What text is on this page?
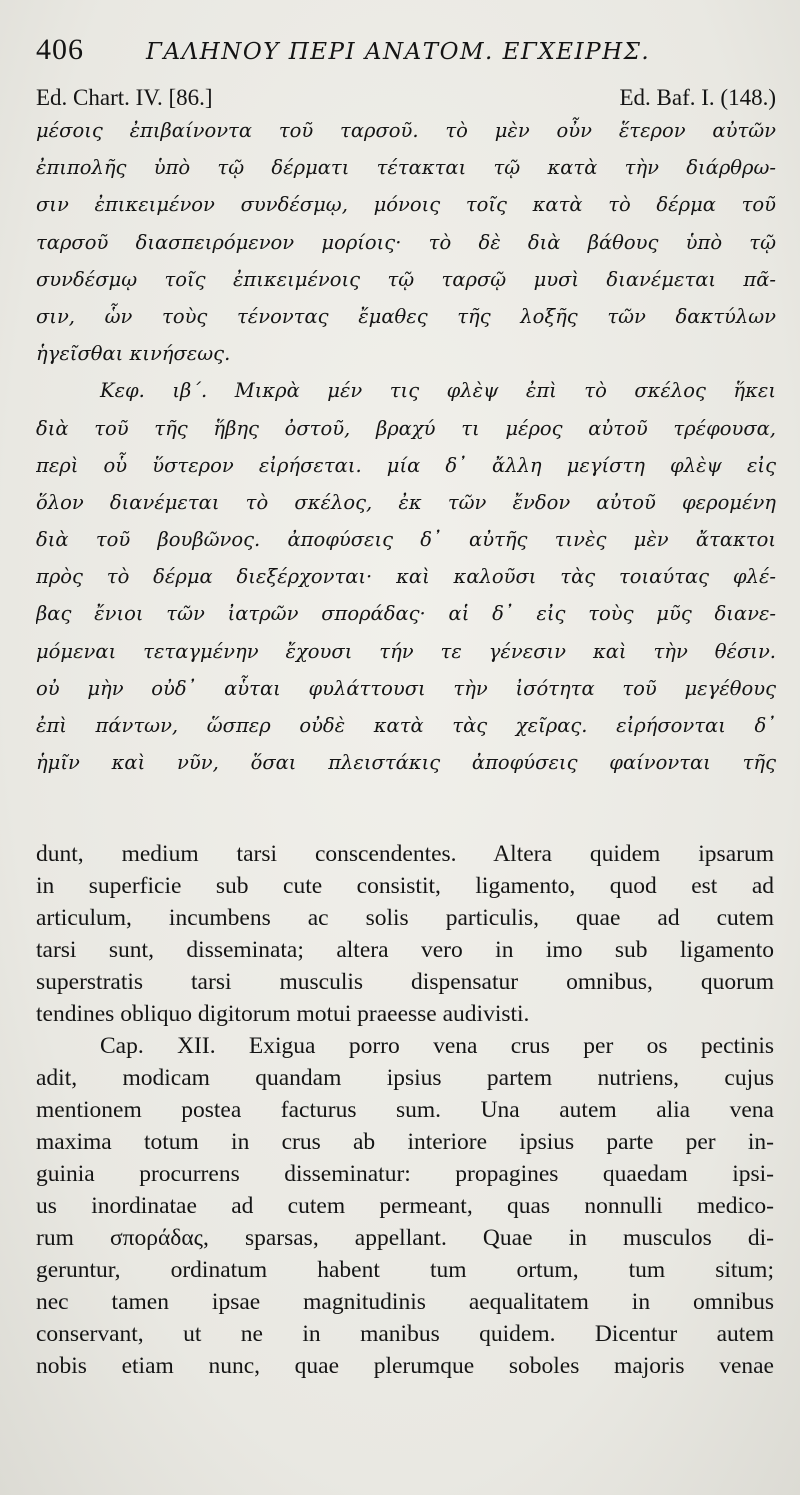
406	ΓΑΛΗΝΟΥ ΠΕΡΙ ΑΝΑΤΟΜ. ΕΓΧΕΙΡΗΣ.
Ed. Chart. IV. [86.]	Ed. Baf. I. (148.)
μέσοις ἐπιβαίνοντα τοῦ ταρσοῦ. τὸ μὲν οὖν ἕτερον αὐτῶν
ἐπιπολῆς ὑπὸ τῷ δέρματι τέτακται τῷ κατὰ τὴν διάρθρω-
σιν ἐπικειμένον συνδέσμῳ, μόνοις τοῖς κατὰ τὸ δέρμα τοῦ
ταρσοῦ διασπειρόμενον μορίοις· τὸ δὲ διὰ βάθους ὑπὸ τῷ
συνδέσμῳ τοῖς ἐπικειμένοις τῷ ταρσῷ μυσὶ διανέμεται πᾶ-
σιν, ὧν τοὺς τένοντας ἔμαθες τῆς λοξῆς τῶν δακτύλων
ἡγεῖσθαι κινήσεως.
Κεφ. ιβ΄. Μικρὰ μέν τις φλὲψ ἐπὶ τὸ σκέλος ἥκει
διὰ τοῦ τῆς ἥβης ὀστοῦ, βραχύ τι μέρος αὐτοῦ τρέφουσα,
περὶ οὗ ὕστερον εἰρήσεται. μία δ᾽ ἄλλη μεγίστη φλὲψ εἰς
ὅλον διανέμεται τὸ σκέλος, ἐκ τῶν ἔνδον αὐτοῦ φερομένη
διὰ τοῦ βουβῶνος. ἀποφύσεις δ᾽ αὐτῆς τινὲς μὲν ἄτακτοι
πρὸς τὸ δέρμα διεξέρχονται· καὶ καλοῦσι τὰς τοιαύτας φλέ-
βας ἔνιοι τῶν ἰατρῶν σποράδας· αἱ δ᾽ εἰς τοὺς μῦς διανε-
μόμεναι τεταγμένην ἔχουσι τήν τε γένεσιν καὶ τὴν θέσιν.
οὐ μὴν οὐδ᾽ αὗται φυλάττουσι τὴν ἰσότητα τοῦ μεγέθους
ἐπὶ πάντων, ὥσπερ οὐδὲ κατὰ τὰς χεῖρας. εἰρήσονται δ᾽
ἡμῖν καὶ νῦν, ὅσαι πλειστάκις ἀποφύσεις φαίνονται τῆς
dunt, medium tarsi conscendentes. Altera quidem ipsarum
in superficie sub cute consistit, ligamento, quod est ad
articulum, incumbens ac solis particulis, quae ad cutem
tarsi sunt, disseminata; altera vero in imo sub ligamento
superstratis tarsi musculis dispensatur omnibus, quorum
tendines obliquo digitorum motui praeesse audivisti.
Cap. XII. Exigua porro vena crus per os pectinis
adit, modicam quandam ipsius partem nutriens, cujus
mentionem postea facturus sum. Una autem alia vena
maxima totum in crus ab interiore ipsius parte per in-
guinia procurrens disseminatur: propagines quaedam ipsi-
us inordinatae ad cutem permeant, quas nonnulli medico-
rum σποράδας, sparsas, appellant. Quae in musculos di-
geruntur, ordinatum habent tum ortum, tum situm;
nec tamen ipsae magnitudinis aequalitatem in omnibus
conservant, ut ne in manibus quidem. Dicentur autem
nobis etiam nunc, quae plerumque soboles majoris venae
